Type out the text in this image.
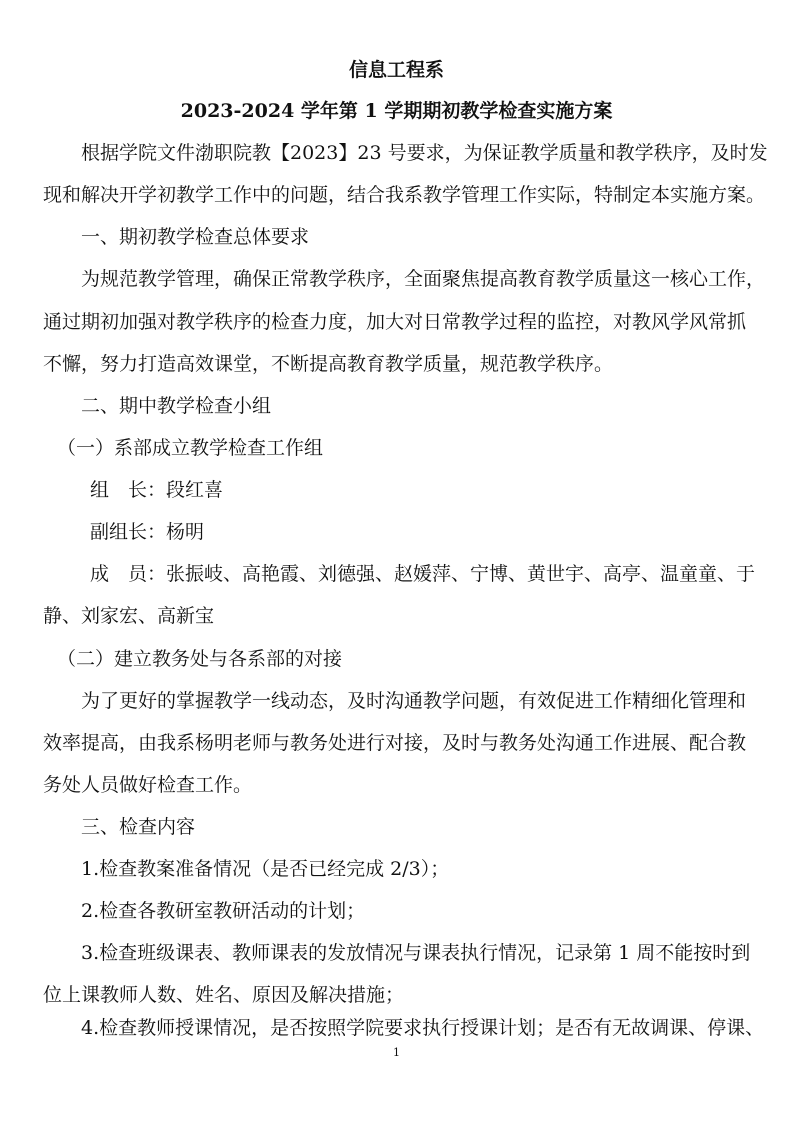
信息工程系
2023-2024 学年第 1 学期期初教学检查实施方案
根据学院文件渤职院教【2023】23 号要求，为保证教学质量和教学秩序，及时发
现和解决开学初教学工作中的问题，结合我系教学管理工作实际，特制定本实施方案。
一、期初教学检查总体要求
为规范教学管理，确保正常教学秩序，全面聚焦提高教育教学质量这一核心工作，
通过期初加强对教学秩序的检查力度，加大对日常教学过程的监控，对教风学风常抓
不懈，努力打造高效课堂，不断提高教育教学质量，规范教学秩序。
二、期中教学检查小组
（一）系部成立教学检查工作组
组　长：段红喜
副组长：杨明
成　员：张振岐、高艳霞、刘德强、赵媛萍、宁博、黄世宇、高亭、温童童、于
静、刘家宏、高新宝
（二）建立教务处与各系部的对接
为了更好的掌握教学一线动态，及时沟通教学问题，有效促进工作精细化管理和
效率提高，由我系杨明老师与教务处进行对接，及时与教务处沟通工作进展、配合教
务处人员做好检查工作。
三、检查内容
1.检查教案准备情况（是否已经完成 2/3）；
2.检查各教研室教研活动的计划；
3.检查班级课表、教师课表的发放情况与课表执行情况，记录第 1 周不能按时到
位上课教师人数、姓名、原因及解决措施；
4.检查教师授课情况，是否按照学院要求执行授课计划；是否有无故调课、停课、
1
